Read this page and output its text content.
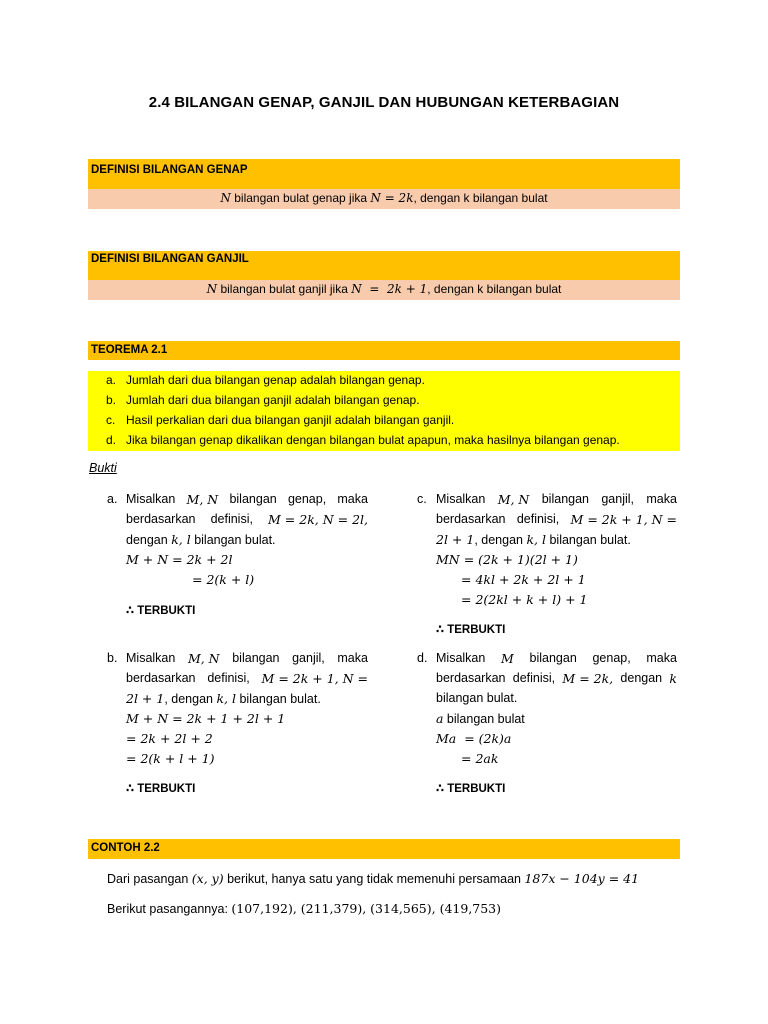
2.4 BILANGAN GENAP, GANJIL DAN HUBUNGAN KETERBAGIAN
DEFINISI BILANGAN GENAP
N bilangan bulat genap jika N = 2k, dengan k bilangan bulat
DEFINISI BILANGAN GANJIL
N bilangan bulat ganjil jika N  =  2k + 1, dengan k bilangan bulat
TEOREMA 2.1
a. Jumlah dari dua bilangan genap adalah bilangan genap.
b. Jumlah dari dua bilangan ganjil adalah bilangan genap.
c. Hasil perkalian dari dua bilangan ganjil adalah bilangan ganjil.
d. Jika bilangan genap dikalikan dengan bilangan bulat apapun, maka hasilnya bilangan genap.
Bukti
a. Misalkan M, N bilangan genap, maka
berdasarkan definisi, M = 2k, N = 2l,
dengan k, l bilangan bulat.
M + N = 2k + 2l
= 2(k + l)
∴ TERBUKTI
c. Misalkan M, N bilangan ganjil, maka
berdasarkan definisi, M = 2k + 1, N =
2l + 1, dengan k, l bilangan bulat.
MN = (2k + 1)(2l + 1)
= 4kl + 2k + 2l + 1
= 2(2kl + k + l) + 1
∴ TERBUKTI
b. Misalkan M, N bilangan ganjil, maka
berdasarkan definisi, M = 2k + 1, N =
2l + 1, dengan k, l bilangan bulat.
M + N = 2k + 1 + 2l + 1
= 2k + 2l + 2
= 2(k + l + 1)
∴ TERBUKTI
d. Misalkan M bilangan genap, maka
berdasarkan definisi, M = 2k, dengan k
bilangan bulat.
a bilangan bulat
Ma  = (2k)a
= 2ak
∴ TERBUKTI
CONTOH 2.2
Dari pasangan (x, y) berikut, hanya satu yang tidak memenuhi persamaan 187x − 104y = 41
Berikut pasangannya: (107,192), (211,379), (314,565), (419,753)
